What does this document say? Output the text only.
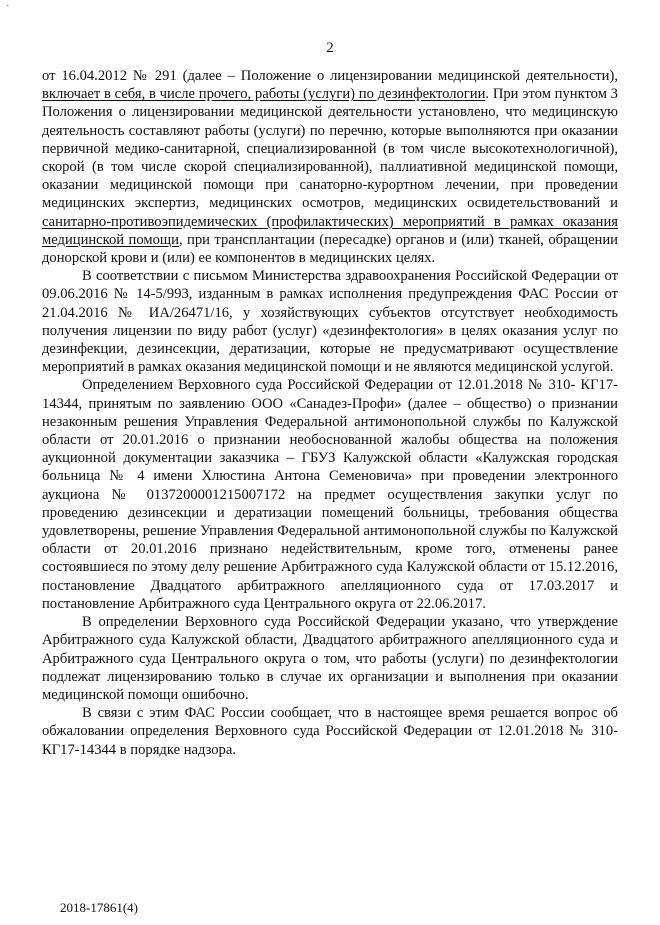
·
2

от 16.04.2012 № 291 (далее – Положение о лицензировании медицинской деятельности), включает в себя, в числе прочего, работы (услуги) по дезинфектологии. При этом пунктом 3 Положения о лицензировании медицинской деятельности установлено, что медицинскую деятельность составляют работы (услуги) по перечню, которые выполняются при оказании первичной медико-санитарной, специализированной (в том числе высокотехнологичной), скорой (в том числе скорой специализированной), паллиативной медицинской помощи, оказании медицинской помощи при санаторно-курортном лечении, при проведении медицинских экспертиз, медицинских осмотров, медицинских освидетельствований и санитарно-противоэпидемических (профилактических) мероприятий в рамках оказания медицинской помощи, при трансплантации (пересадке) органов и (или) тканей, обращении донорской крови и (или) ее компонентов в медицинских целях.

В соответствии с письмом Министерства здравоохранения Российской Федерации от 09.06.2016 № 14-5/993, изданным в рамках исполнения предупреждения ФАС России от 21.04.2016 № ИА/26471/16, у хозяйствующих субъектов отсутствует необходимость получения лицензии по виду работ (услуг) «дезинфектология» в целях оказания услуг по дезинфекции, дезинсекции, дератизации, которые не предусматривают осуществление мероприятий в рамках оказания медицинской помощи и не являются медицинской услугой.

Определением Верховного суда Российской Федерации от 12.01.2018 № 310- КГ17-14344, принятым по заявлению ООО «Санадез-Профи» (далее – общество) о признании незаконным решения Управления Федеральной антимонопольной службы по Калужской области от 20.01.2016 о признании необоснованной жалобы общества на положения аукционной документации заказчика – ГБУЗ Калужской области «Калужская городская больница № 4 имени Хлюстина Антона Семеновича» при проведении электронного аукциона № 0137200001215007172 на предмет осуществления закупки услуг по проведению дезинсекции и дератизации помещений больницы, требования общества удовлетворены, решение Управления Федеральной антимонопольной службы по Калужской области от 20.01.2016 признано недействительным, кроме того, отменены ранее состоявшиеся по этому делу решение Арбитражного суда Калужской области от 15.12.2016, постановление Двадцатого арбитражного апелляционного суда от 17.03.2017 и постановление Арбитражного суда Центрального округа от 22.06.2017.

В определении Верховного суда Российской Федерации указано, что утверждение Арбитражного суда Калужской области, Двадцатого арбитражного апелляционного суда и Арбитражного суда Центрального округа о том, что работы (услуги) по дезинфектологии подлежат лицензированию только в случае их организации и выполнения при оказании медицинской помощи ошибочно.

В связи с этим ФАС России сообщает, что в настоящее время решается вопрос об обжаловании определения Верховного суда Российской Федерации от 12.01.2018 № 310- КГ17-14344 в порядке надзора.

2018-17861(4)
